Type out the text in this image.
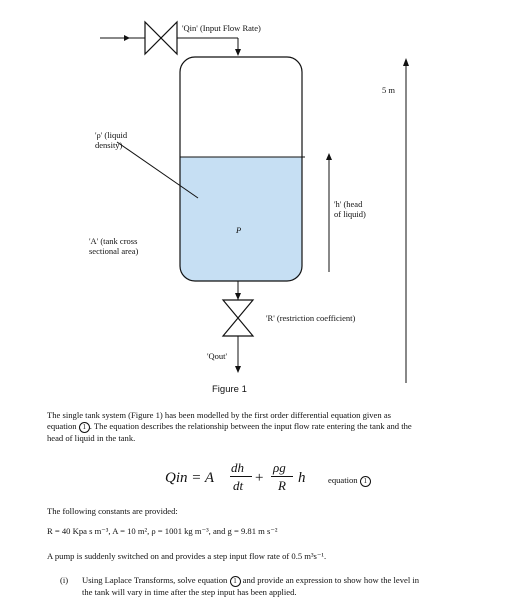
'Qin' (Input Flow Rate)
5 m
'ρ' (liquid
density)
'h' (head
of liquid)
'A' (tank cross
sectional area)
P
'R' (restriction coefficient)
'Qout'
Figure 1
The single tank system (Figure 1) has been modelled by the first order differential equation given as
equation 1 . The equation describes the relationship between the input flow rate entering the tank and the
head of liquid in the tank.
Qin = A
dh
dt +
ρg
R h	equation 1
The following constants are provided:
R = 40 Kpa s m⁻³, A = 10 m², ρ = 1001 kg m⁻³, and g = 9.81 m s⁻²
A pump is suddenly switched on and provides a step input flow rate of 0.5 m³s⁻¹.
(i) Using Laplace Transforms, solve equation 1 and provide an expression to show how the level in
the tank will vary in time after the step input has been applied.
